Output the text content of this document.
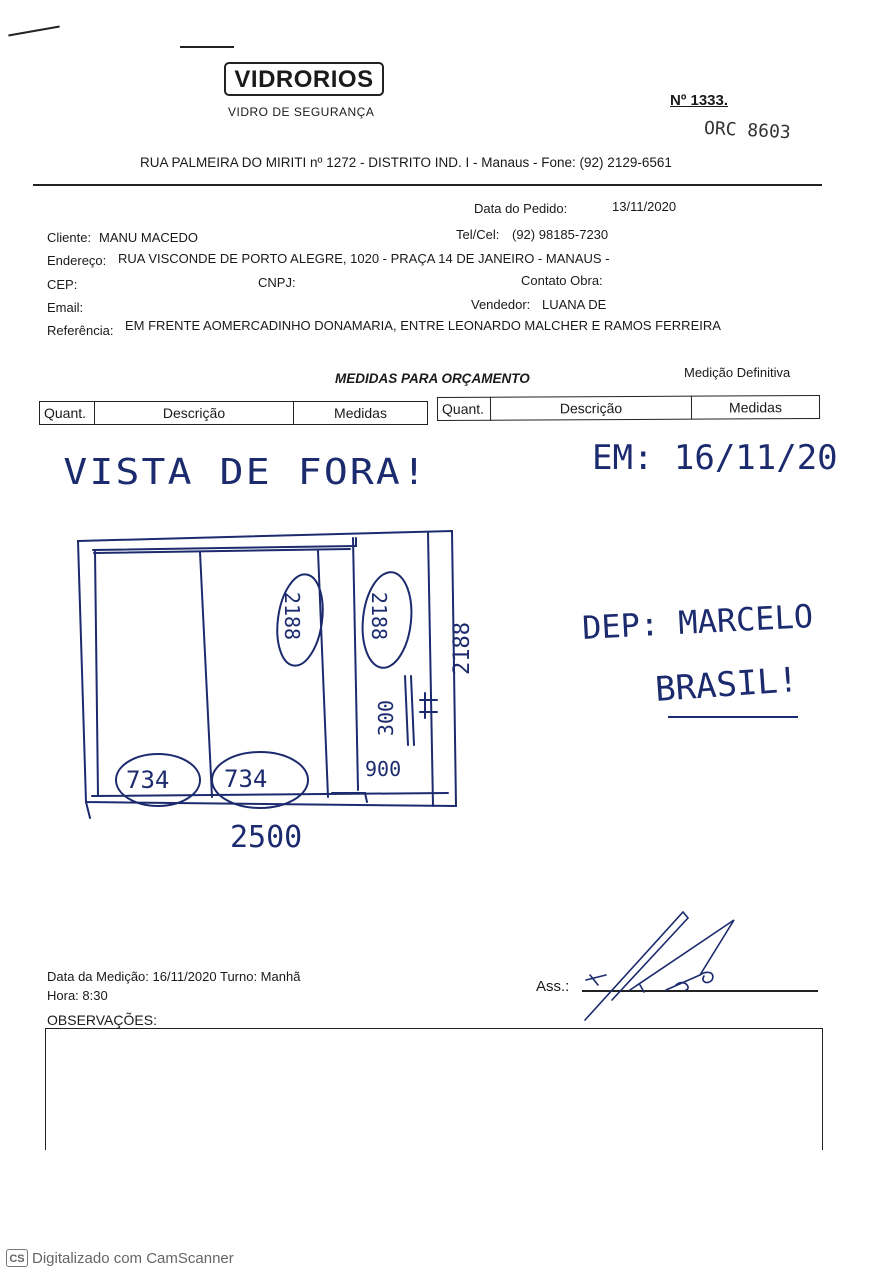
VIDRORIOS
VIDRO DE SEGURANÇA
Nº 1333.
ORC 8603
RUA PALMEIRA DO MIRITI nº 1272 - DISTRITO IND. I - Manaus - Fone: (92) 2129-6561
Data do Pedido:	13/11/2020
Cliente: MANU MACEDO	Tel/Cel: (92) 98185-7230
Endereço: RUA VISCONDE DE PORTO ALEGRE, 1020 - PRAÇA 14 DE JANEIRO - MANAUS -
CEP:	CNPJ:	Contato Obra:
Email:	Vendedor: LUANA DE
Referência: EM FRENTE AOMERCADINHO DONAMARIA, ENTRE LEONARDO MALCHER E RAMOS FERREIRA
MEDIDAS PARA ORÇAMENTO	Medição Definitiva
Quant.	Descrição	Medidas	Quant.	Descrição	Medidas
VISTA DE FORA!	EM: 16/11/20
DEP: MARCELO
BRASIL!
2188	2188
2188
300
900
734 734
2500
Data da Medição: 16/11/2020 Turno: Manhã
Hora: 8:30
OBSERVAÇÕES:
Ass.:
CS Digitalizado com CamScanner
